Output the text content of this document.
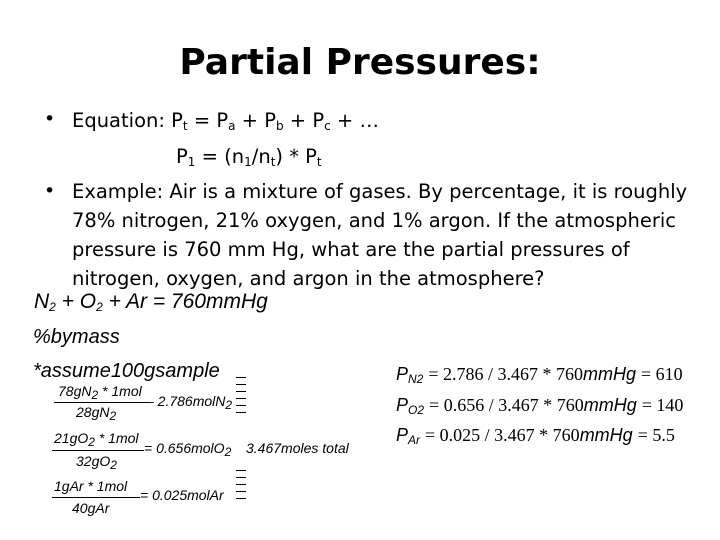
Partial Pressures:
• Equation: $P_t = P_a + P_b + P_c$ + …
$P_1 = (n_1/n_t) * P_t$
• Example: Air is a mixture of gases. By percentage, it is roughly
78% nitrogen, 21% oxygen, and 1% argon. If the atmospheric
pressure is 760 mm Hg, what are the partial pressures of
nitrogen, oxygen, and argon in the atmosphere?
$N_2 + O_2 + Ar$ = 760mmHg
%bymass
*assume100gsample
$78gN_2 * 1mol$
$28gN_2$
– 2.786molN$_2$
$21gO_2 * 1mol$
$32gO_2$
= 0.656molO$_2$ 3.467moles total
1gAr * 1mol
40gAr
= 0.025molAr
$P_{N2} = 2.786 / 3.467$ * 760mmHg = 610
$P_{O2} = 0.656 / 3.467$ * 760mmHg = 140
$P_{Ar} = 0.025 / 3.467$ * 760mmHg = 5.5
